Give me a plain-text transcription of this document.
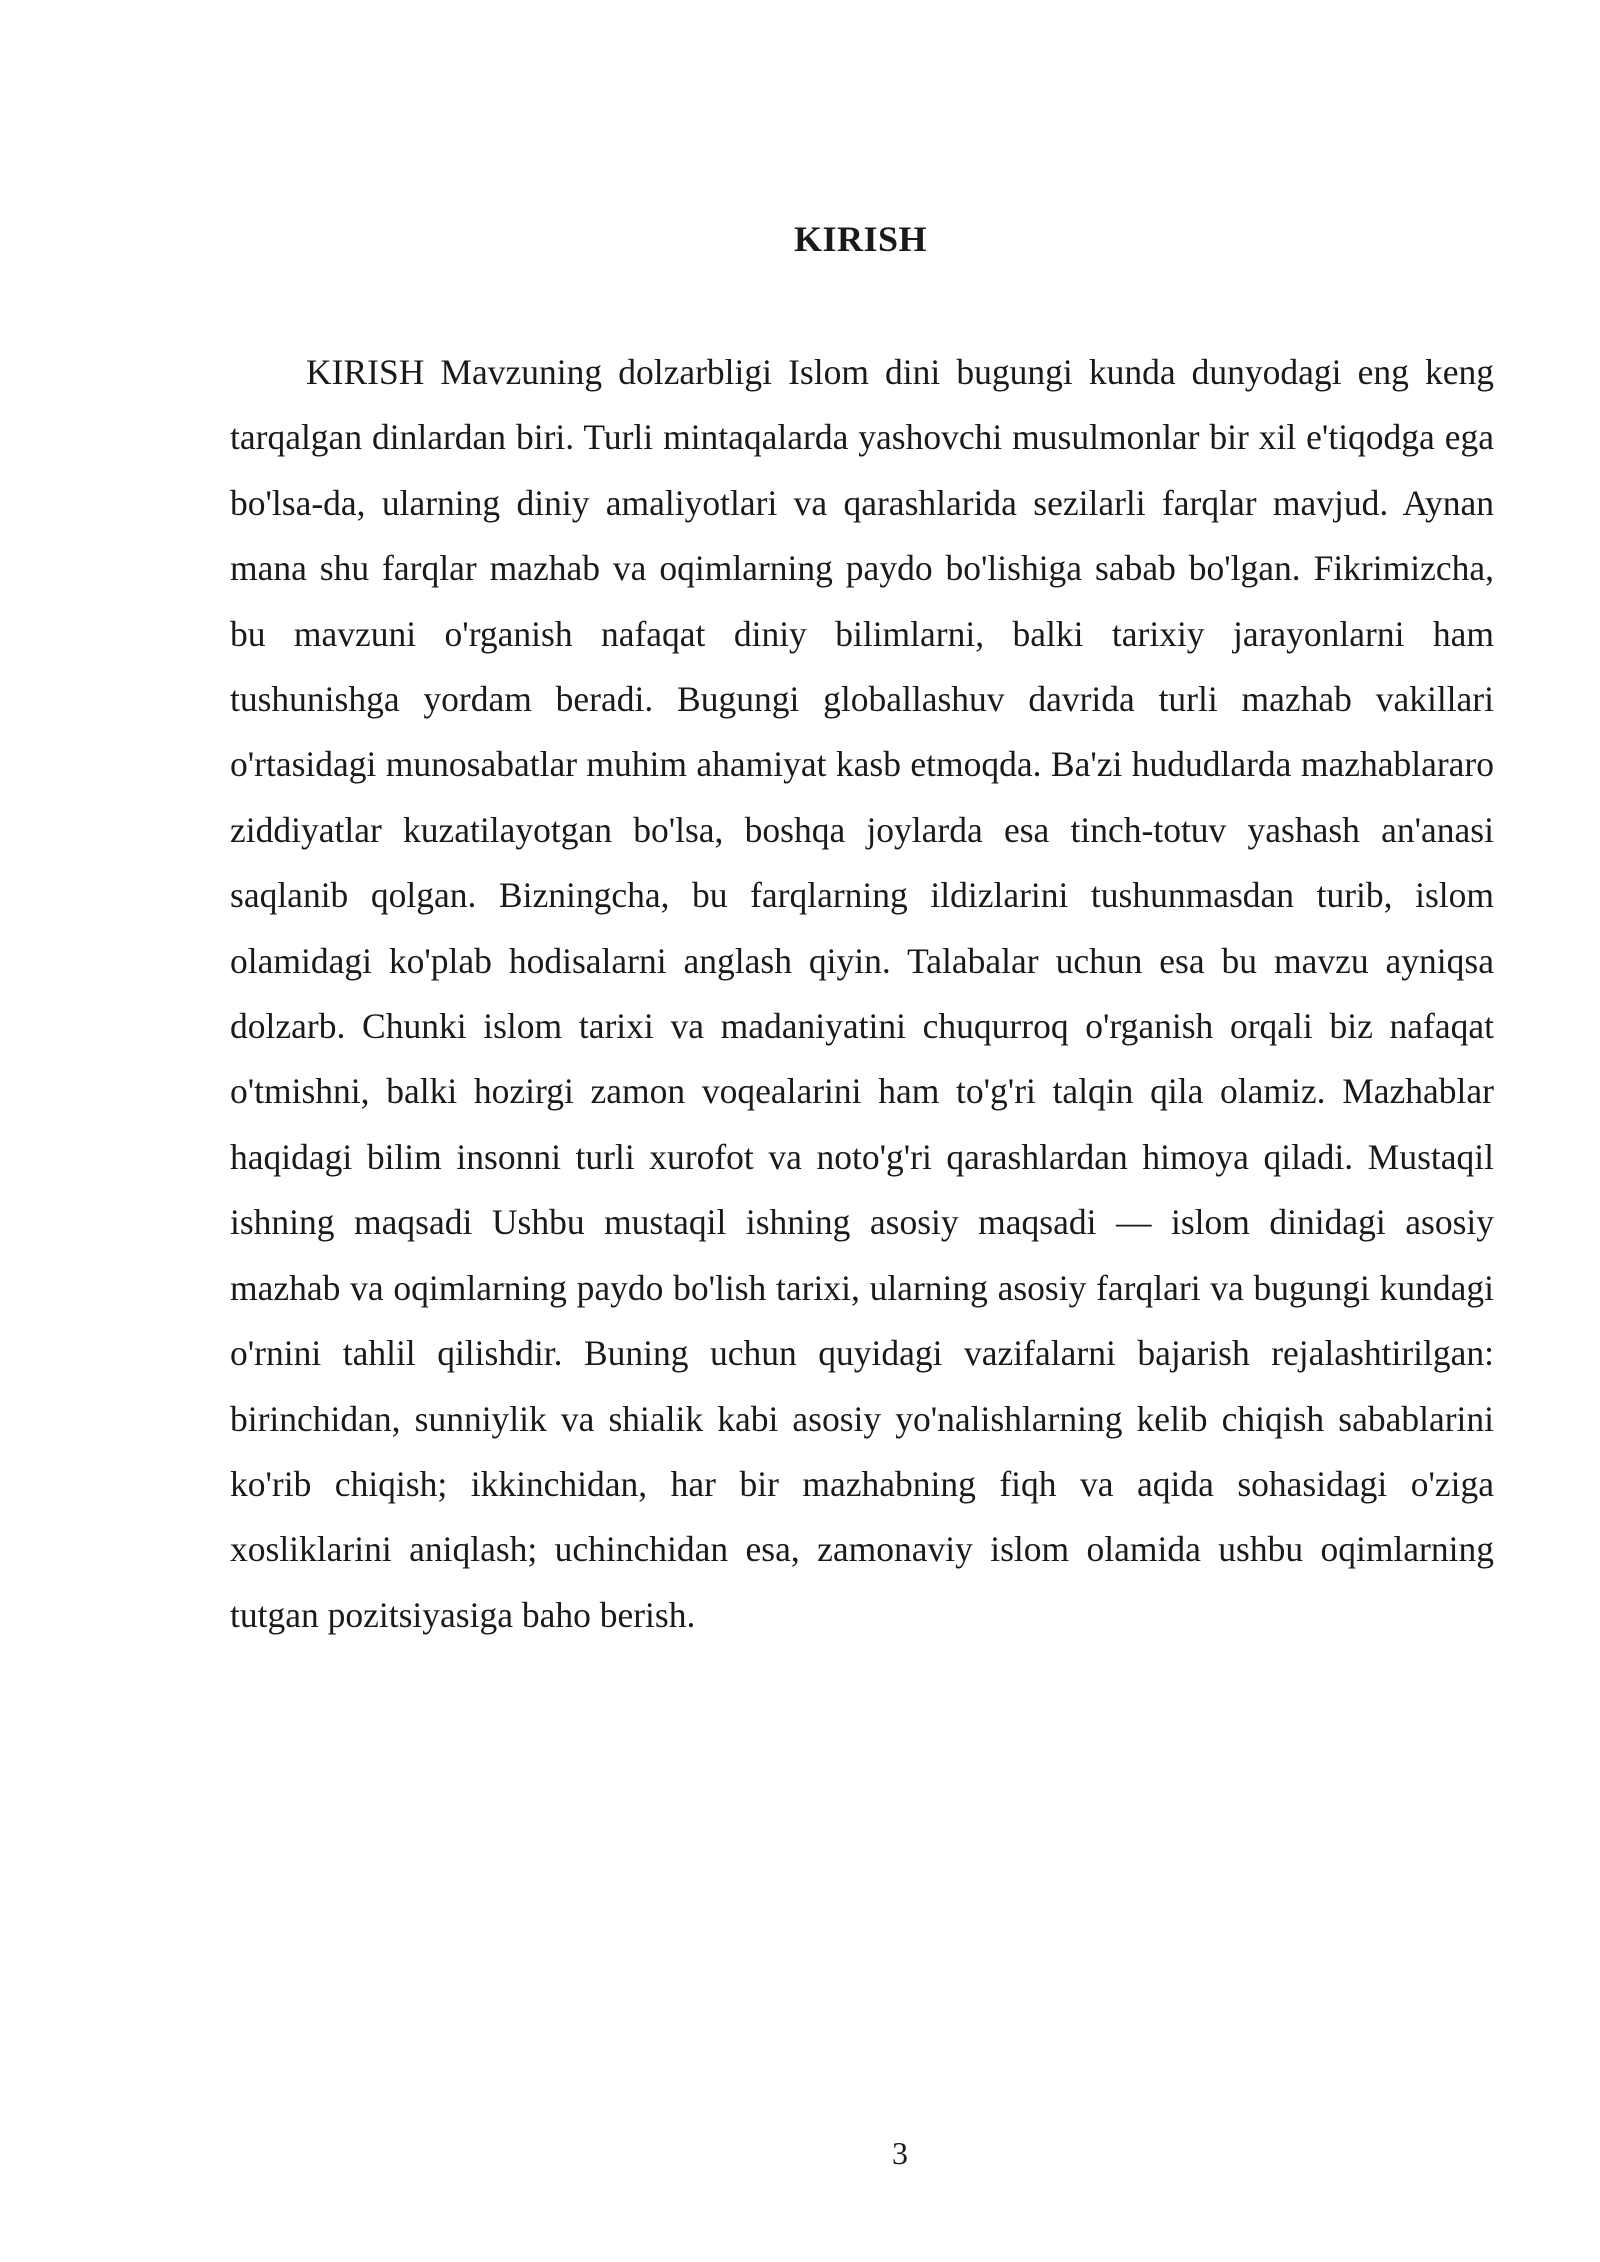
KIRISH

KIRISH Mavzuning dolzarbligi Islom dini bugungi kunda dunyodagi eng keng tarqalgan dinlardan biri. Turli mintaqalarda yashovchi musulmonlar bir xil e'tiqodga ega bo'lsa-da, ularning diniy amaliyotlari va qarashlarida sezilarli farqlar mavjud. Aynan mana shu farqlar mazhab va oqimlarning paydo bo'lishiga sabab bo'lgan. Fikrimizcha, bu mavzuni o'rganish nafaqat diniy bilimlarni, balki tarixiy jarayonlarni ham tushunishga yordam beradi. Bugungi globallashuv davrida turli mazhab vakillari o'rtasidagi munosabatlar muhim ahamiyat kasb etmoqda. Ba'zi hududlarda mazhablararo ziddiyatlar kuzatilayotgan bo'lsa, boshqa joylarda esa tinch-totuv yashash an'anasi saqlanib qolgan. Bizningcha, bu farqlarning ildizlarini tushunmasdan turib, islom olamidagi ko'plab hodisalarni anglash qiyin. Talabalar uchun esa bu mavzu ayniqsa dolzarb. Chunki islom tarixi va madaniyatini chuqurroq o'rganish orqali biz nafaqat o'tmishni, balki hozirgi zamon voqealarini ham to'g'ri talqin qila olamiz. Mazhablar haqidagi bilim insonni turli xurofot va noto'g'ri qarashlardan himoya qiladi. Mustaqil ishning maqsadi Ushbu mustaqil ishning asosiy maqsadi — islom dinidagi asosiy mazhab va oqimlarning paydo bo'lish tarixi, ularning asosiy farqlari va bugungi kundagi o'rnini tahlil qilishdir. Buning uchun quyidagi vazifalarni bajarish rejalashtirilgan: birinchidan, sunniylik va shialik kabi asosiy yo'nalishlarning kelib chiqish sabablarini ko'rib chiqish; ikkinchidan, har bir mazhabning fiqh va aqida sohasidagi o'ziga xosliklarini aniqlash; uchinchidan esa, zamonaviy islom olamida ushbu oqimlarning tutgan pozitsiyasiga baho berish.

3
